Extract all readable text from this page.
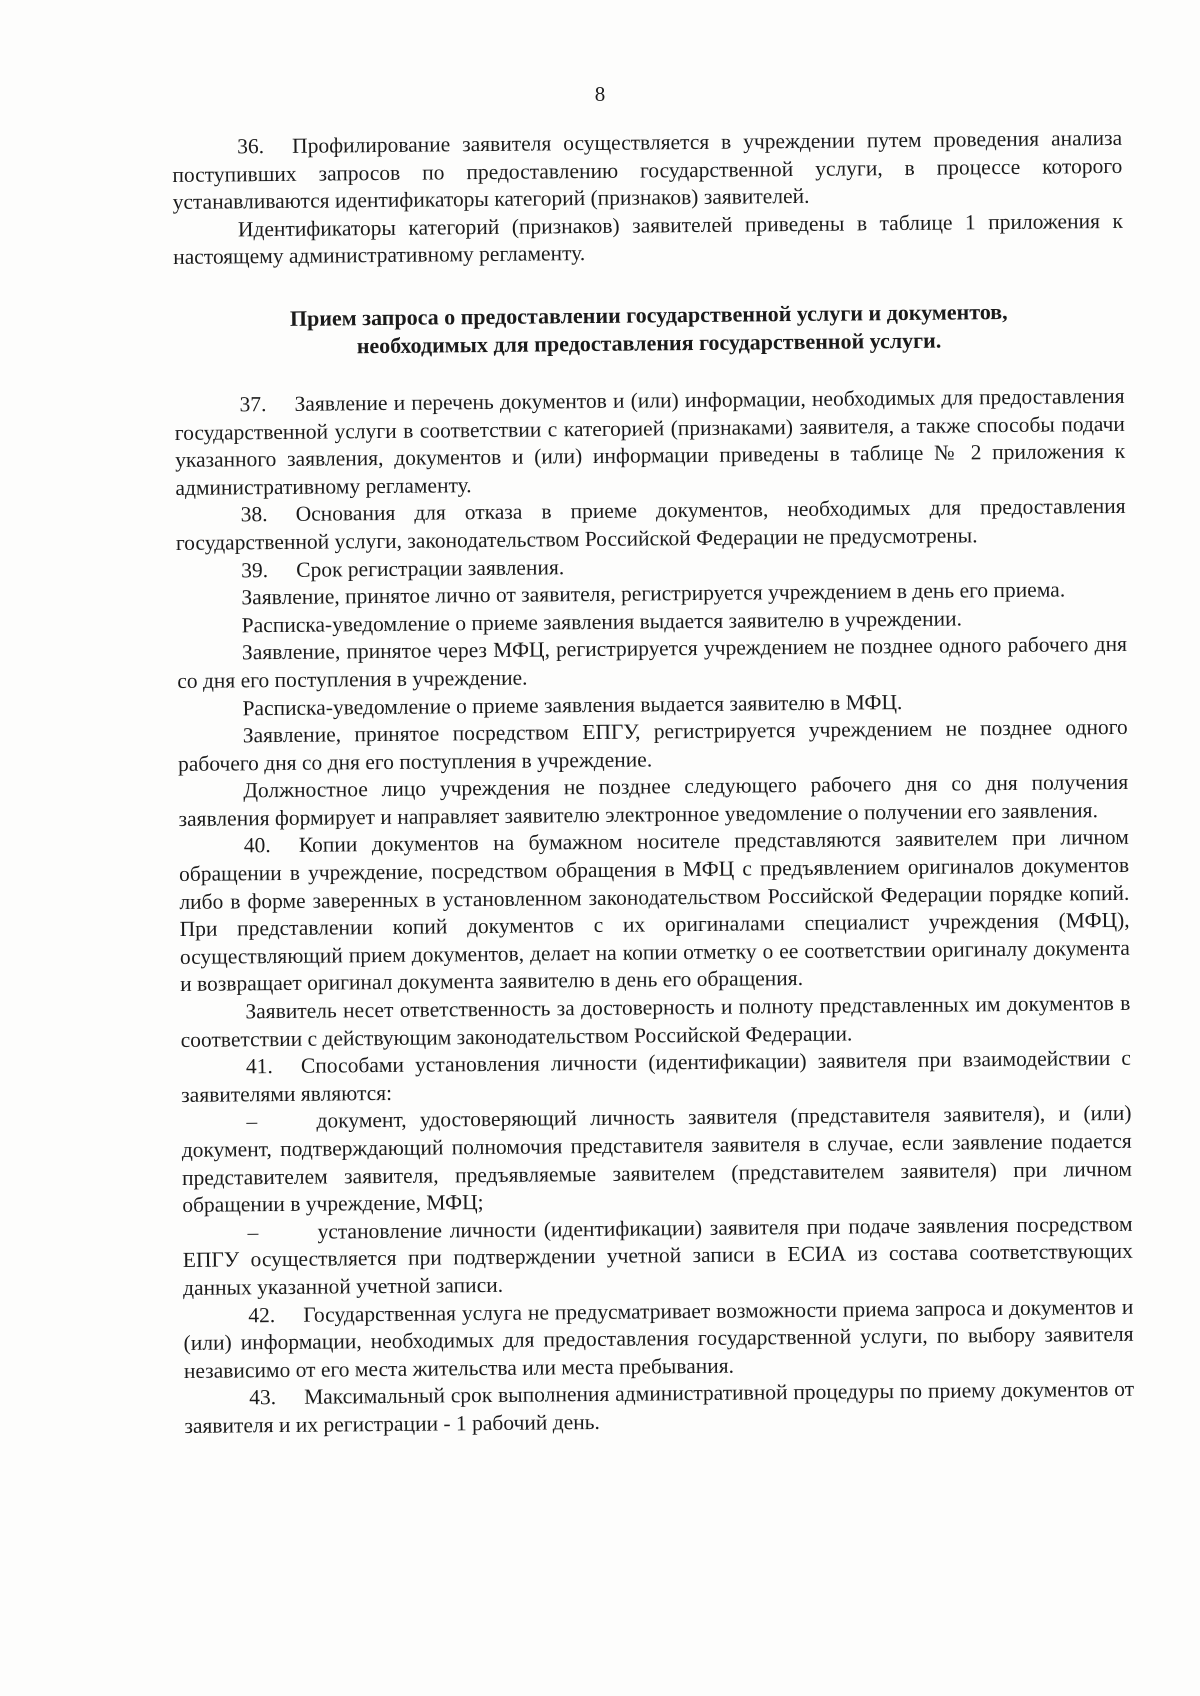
8

36. Профилирование заявителя осуществляется в учреждении путем проведения анализа поступивших запросов по предоставлению государственной услуги, в процессе которого устанавливаются идентификаторы категорий (признаков) заявителей.

Идентификаторы категорий (признаков) заявителей приведены в таблице 1 приложения к настоящему административному регламенту.

Прием запроса о предоставлении государственной услуги и документов,
необходимых для предоставления государственной услуги.

37. Заявление и перечень документов и (или) информации, необходимых для предоставления государственной услуги в соответствии с категорией (признаками) заявителя, а также способы подачи указанного заявления, документов и (или) информации приведены в таблице № 2 приложения к административному регламенту.

38. Основания для отказа в приеме документов, необходимых для предоставления государственной услуги, законодательством Российской Федерации не предусмотрены.

39. Срок регистрации заявления.

Заявление, принятое лично от заявителя, регистрируется учреждением в день его приема.

Расписка-уведомление о приеме заявления выдается заявителю в учреждении.

Заявление, принятое через МФЦ, регистрируется учреждением не позднее одного рабочего дня со дня его поступления в учреждение.

Расписка-уведомление о приеме заявления выдается заявителю в МФЦ.

Заявление, принятое посредством ЕПГУ, регистрируется учреждением не позднее одного рабочего дня со дня его поступления в учреждение.

Должностное лицо учреждения не позднее следующего рабочего дня со дня получения заявления формирует и направляет заявителю электронное уведомление о получении его заявления.

40. Копии документов на бумажном носителе представляются заявителем при личном обращении в учреждение, посредством обращения в МФЦ с предъявлением оригиналов документов либо в форме заверенных в установленном законодательством Российской Федерации порядке копий. При представлении копий документов с их оригиналами специалист учреждения (МФЦ), осуществляющий прием документов, делает на копии отметку о ее соответствии оригиналу документа и возвращает оригинал документа заявителю в день его обращения.

Заявитель несет ответственность за достоверность и полноту представленных им документов в соответствии с действующим законодательством Российской Федерации.

41. Способами установления личности (идентификации) заявителя при взаимодействии с заявителями являются:

–	документ, удостоверяющий личность заявителя (представителя заявителя), и (или) документ, подтверждающий полномочия представителя заявителя в случае, если заявление подается представителем заявителя, предъявляемые заявителем (представителем заявителя) при личном обращении в учреждение, МФЦ;

–	установление личности (идентификации) заявителя при подаче заявления посредством ЕПГУ осуществляется при подтверждении учетной записи в ЕСИА из состава соответствующих данных указанной учетной записи.

42. Государственная услуга не предусматривает возможности приема запроса и документов и (или) информации, необходимых для предоставления государственной услуги, по выбору заявителя независимо от его места жительства или места пребывания.

43. Максимальный срок выполнения административной процедуры по приему документов от заявителя и их регистрации - 1 рабочий день.
